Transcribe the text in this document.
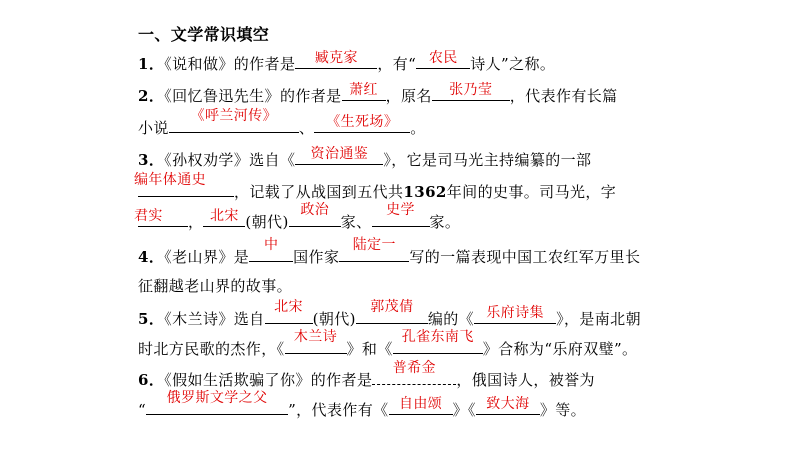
一、文学常识填空
1．《说和做》的作者是	臧克家	，有“ 农民 诗人”之称。
2．《回忆鲁迅先生》的作者是 萧红 ，原名	张乃莹	，代表作有长篇
小说
《呼兰河传》
、 《生死场》 。
3．《孙权劝学》选自《	资治通鉴	》，它是司马光主持编纂的一部
编年体通史
，记载了从战国到五代共1362年间的史事。司马光，字
君实	， 北宋 (朝代)
政治
家、
史学
家。
4．《老山界》是
中
国作家
陆定一
写的一篇表现中国工农红军万里长
征翻越老山界的故事。
5．《木兰诗》选自
北宋
(朝代)
郭茂倩
编的《 乐府诗集 》，是南北朝
时北方民歌的杰作，《
木兰诗
》和《
孔雀东南飞
》合称为“乐府双璧”。
6．《假如生活欺骗了你》的作者是
普希金
，俄国诗人，被誉为
“
俄罗斯文学之父
”，代表作有《 自由颂 》《 致大海 》等。
